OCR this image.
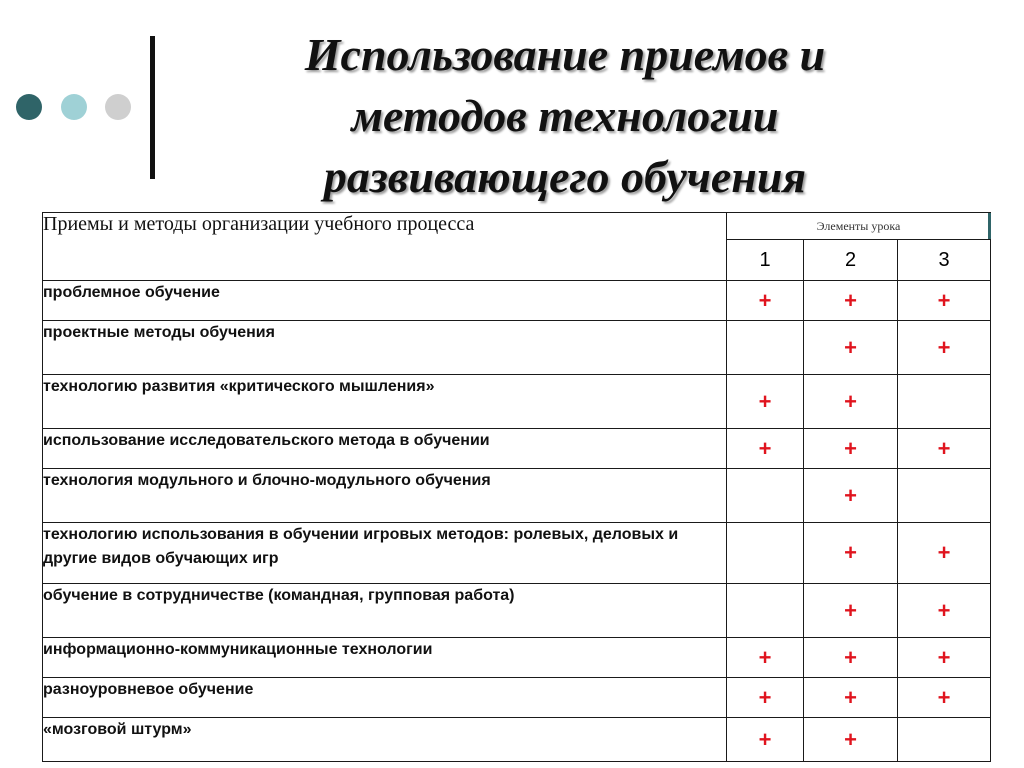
Использование приемов и
методов технологии
развивающего обучения
Приемы и методы организации учебного процесса	Элементы урока		
	1	2	3
проблемное обучение	+	+	+
проектные методы обучения		+	+
технологию развития «критического мышления»	+	+	
использование исследовательского метода в обучении	+	+	+
технология модульного и блочно-модульного обучения		+	
технологию использования в обучении игровых методов: ролевых, деловых и другие видов обучающих игр		+	+
обучение в сотрудничестве (командная, групповая работа)		+	+
информационно-коммуникационные технологии	+	+	+
разноуровневое обучение	+	+	+
«мозговой штурм»	+	+	
